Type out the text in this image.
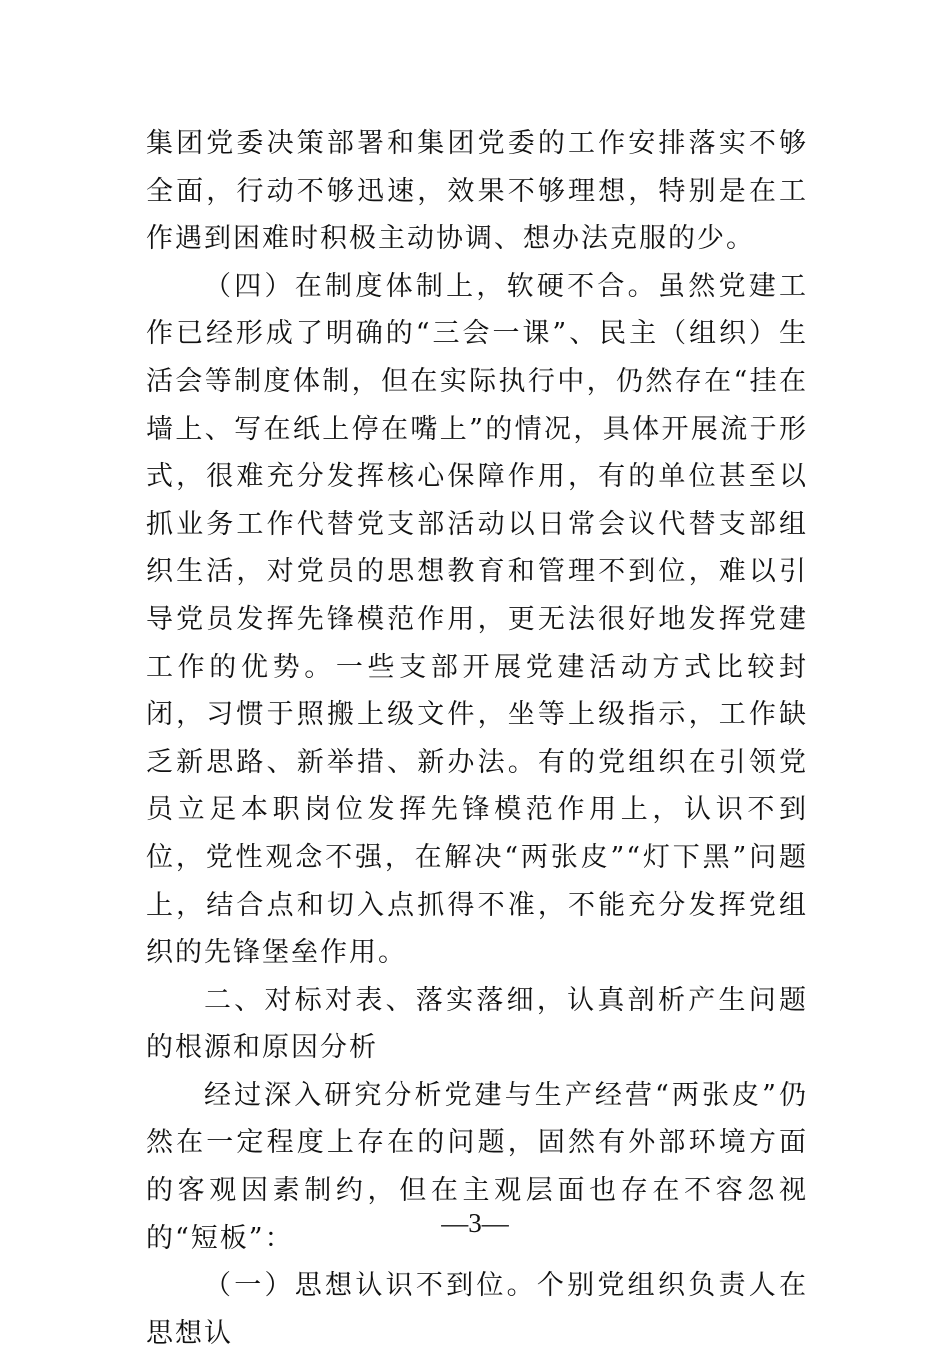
集团党委决策部署和集团党委的工作安排落实不够全面，行动不够迅速，效果不够理想，特别是在工作遇到困难时积极主动协调、想办法克服的少。

（四）在制度体制上，软硬不合。虽然党建工作已经形成了明确的“三会一课”、民主（组织）生活会等制度体制，但在实际执行中，仍然存在“挂在墙上、写在纸上停在嘴上”的情况，具体开展流于形式，很难充分发挥核心保障作用，有的单位甚至以抓业务工作代替党支部活动以日常会议代替支部组织生活，对党员的思想教育和管理不到位，难以引导党员发挥先锋模范作用，更无法很好地发挥党建工作的优势。一些支部开展党建活动方式比较封闭，习惯于照搬上级文件，坐等上级指示，工作缺乏新思路、新举措、新办法。有的党组织在引领党员立足本职岗位发挥先锋模范作用上，认识不到位，党性观念不强，在解决“两张皮”“灯下黑”问题上，结合点和切入点抓得不准，不能充分发挥党组织的先锋堡垒作用。

二、对标对表、落实落细，认真剖析产生问题的根源和原因分析

经过深入研究分析党建与生产经营“两张皮”仍然在一定程度上存在的问题，固然有外部环境方面的客观因素制约，但在主观层面也存在不容忽视的“短板”：

（一）思想认识不到位。个别党组织负责人在思想认

—3—
